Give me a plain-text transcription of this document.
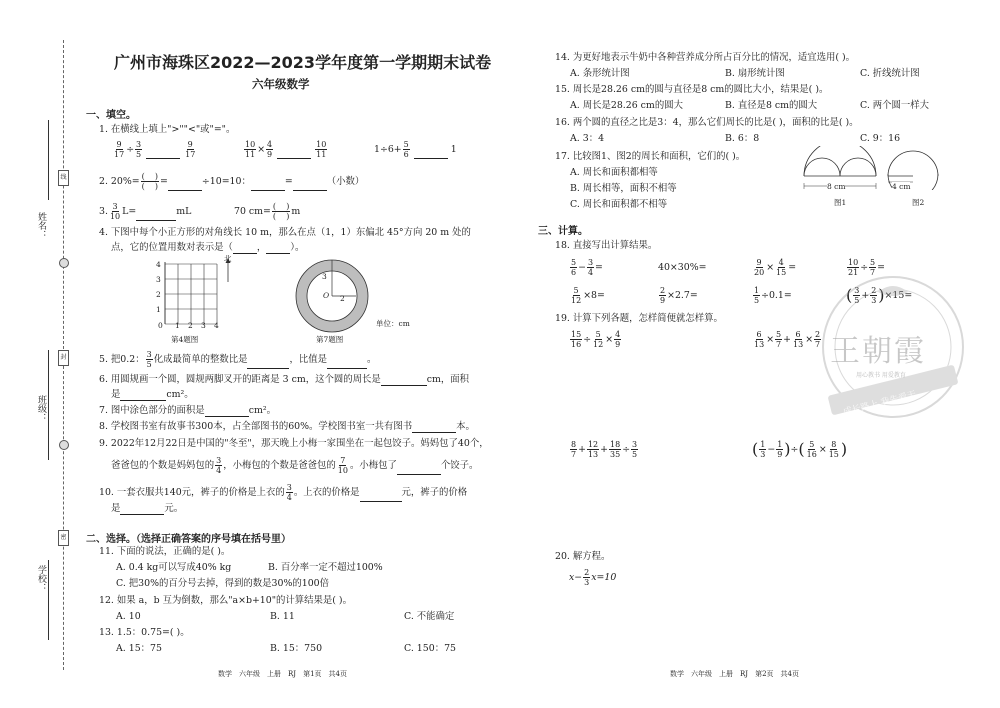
姓名：
班级：
学校：
线
封
密
广州市海珠区2022—2023学年度第一学期期末试卷
六年级数学
一、填空。
1. 在横线上填上">""<"或"="。
$\frac{9}{17} \div \frac{3}{5}$
	$\frac{9}{17}$	$\frac{10}{11} \times \frac{4}{9}$
	$\frac{10}{11}$	$1\div 6+ \frac{5}{6}$	1
2. 20%= (    )
(    ) =	÷10=10：	=	（小数）
3. $\frac{3}{10} L=$	mL	70 cm= (    )
(    ) m
4. 下图中每个小正方形的对角线长 10 m，那么在点（1，1）东偏北 45°方向 20 m 处的
点，它的位置用数对表示是（	，	）。
北
4
3
2
1
0 1 2 3 4
第4题图
3
2
O
第7题图
单位：cm
5. 把0.2： $\frac{3}{5}$ 化成最简单的整数比是	，比值是	。
6. 用圆规画一个圆，圆规两脚叉开的距离是 3 cm，这个圆的周长是	cm，面积
是	cm²。
7. 图中涂色部分的面积是	cm²。
8. 学校图书室有故事书300本，占全部图书的60%。学校图书室一共有图书	本。
9. 2022年12月22日是中国的"冬至"，那天晚上小梅一家围坐在一起包饺子。妈妈包了40个，
爸爸包的个数是妈妈包的 $\frac{3}{4}$ ，小梅包的个数是爸爸包的 $\frac{7}{10}$ 。小梅包了	个饺子。
10. 一套衣服共140元，裤子的价格是上衣的 $\frac{3}{4}$ 。上衣的价格是	元，裤子的价格
是	元。
二、选择。（选择正确答案的序号填在括号里）
11. 下面的说法，正确的是( )。
A. 0.4 kg可以写成40% kg	B. 百分率一定不超过100%
C. 把30%的百分号去掉，得到的数是30%的100倍
12. 如果 a，b 互为倒数，那么"a×b+10"的计算结果是( )。
A. 10	B. 11	C. 不能确定
13. 1.5：0.75=( )。
A. 15：75	B. 15：750	C. 150：75
数学　六年级　上册　RJ　第1页　共4页
14. 为更好地表示牛奶中各种营养成分所占百分比的情况，适宜选用( )。
A. 条形统计图	B. 扇形统计图	C. 折线统计图
15. 周长是28.26 cm的圆与直径是8 cm的圆比大小，结果是( )。
A. 周长是28.26 cm的圆大	B. 直径是8 cm的圆大	C. 两个圆一样大
16. 两个圆的直径之比是3：4，那么它们周长的比是( )，面积的比是( )。
A. 3：4	B. 6：8	C. 9：16
17. 比较图1、图2的周长和面积，它们的( )。
A. 周长和面积都相等
B. 周长相等，面积不相等
C. 周长和面积都不相等
8 cm
图1
4 cm
图2
三、计算。
18. 直接写出计算结果。
$\frac{5}{6} - \frac{3}{4}$ =	40×30%=	$\frac{9}{20} \times \frac{4}{15}$ =	$\frac{10}{21} \div \frac{5}{7}$ =
$\frac{5}{12} \times 8=$	$\frac{2}{9} \times 2.7=$	$\frac{1}{5} \div 0.1=$	( $\frac{3}{5} + \frac{2}{3} )\times 15=$
19. 计算下列各题，怎样简便就怎样算。
$\frac{15}{16} \div \frac{5}{12} \times \frac{4}{9}$	$\frac{6}{13} \times \frac{5}{7} + \frac{6}{13} \times \frac{2}{7}$
$\frac{8}{7} + \frac{12}{13} + \frac{18}{35} \div \frac{3}{5}$	( $\frac{1}{3} - \frac{1}{9}$ )÷( $\frac{5}{16} \times \frac{8}{15}$ )
20. 解方程。
$x- \frac{2}{3} x=10$
王朝霞
用心教书 用爱教育
成长路上 我先爱天
数学　六年级　上册　RJ　第2页　共4页
